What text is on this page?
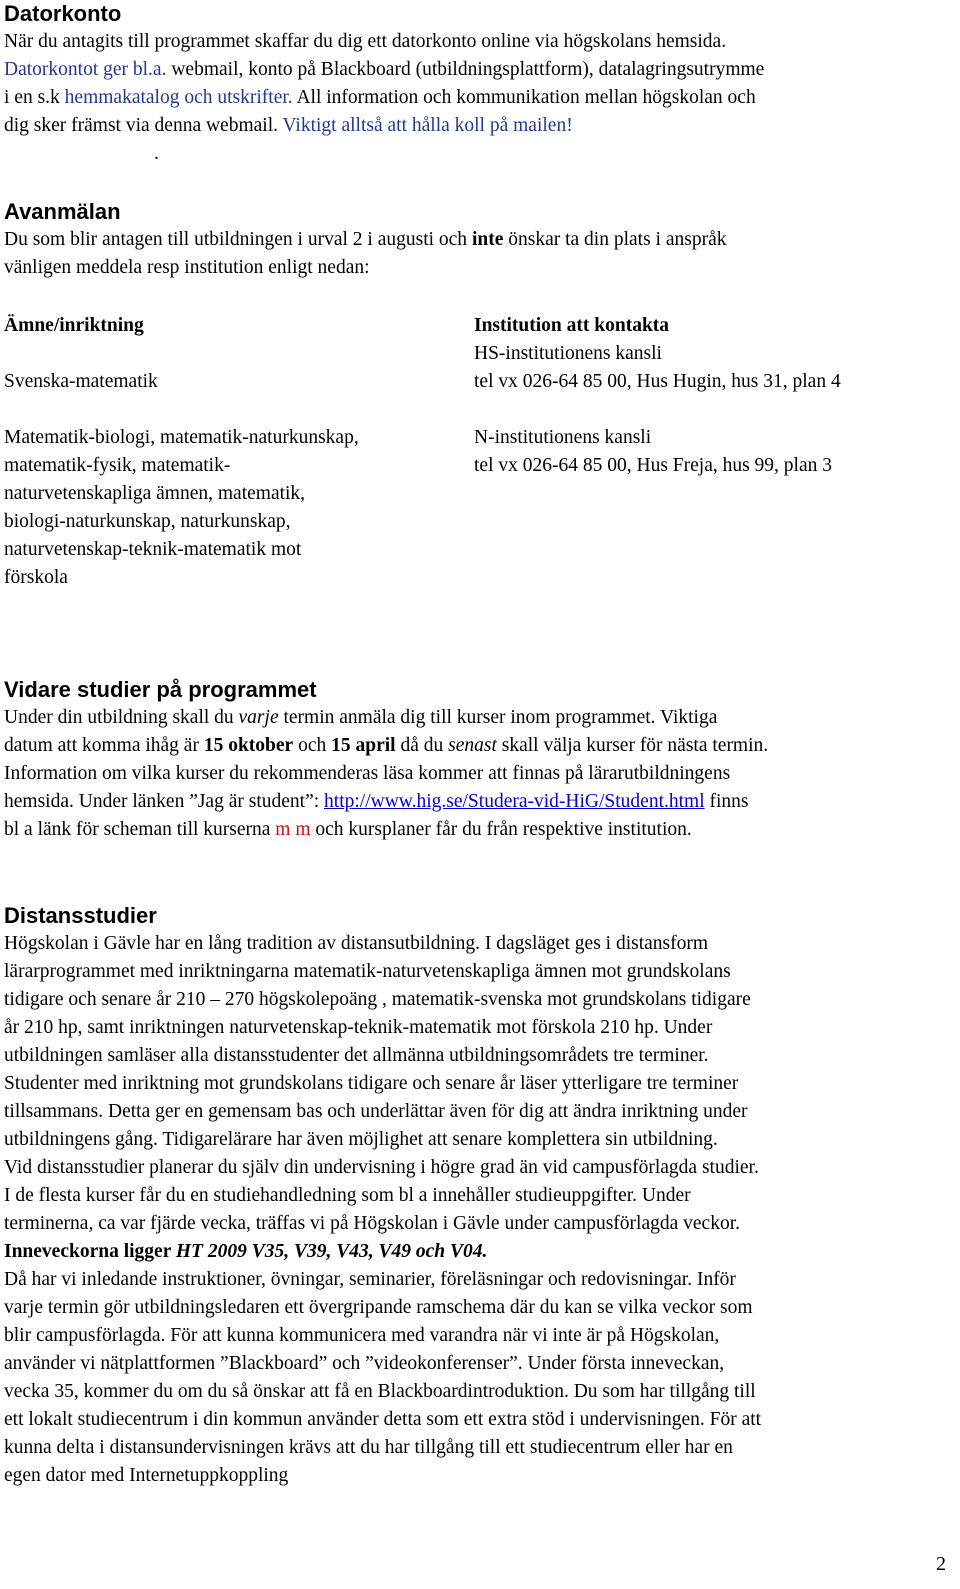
Datorkonto

När du antagits till programmet skaffar du dig ett datorkonto online via högskolans hemsida.

Datorkontot ger bl.a. webmail, konto på Blackboard (utbildningsplattform), datalagringsutrymme

i en s.k hemmakatalog och utskrifter. All information och kommunikation mellan högskolan och

dig sker främst via denna webmail. Viktigt alltså att hålla koll på mailen!

.

Avanmälan

Du som blir antagen till utbildningen i urval 2 i augusti och inte önskar ta din plats i anspråk

vänligen meddela resp institution enligt nedan:

Ämne/inriktning	Institution att kontakta
HS-institutionens kansli
Svenska-matematik	tel vx 026-64 85 00, Hus Hugin, hus 31, plan 4
Matematik-biologi, matematik-naturkunskap,
matematik-fysik, matematik-
naturvetenskapliga ämnen, matematik,
biologi-naturkunskap, naturkunskap,
naturvetenskap-teknik-matematik mot
förskola
N-institutionens kansli
tel vx 026-64 85 00, Hus Freja, hus 99, plan 3
Vidare studier på programmet

Under din utbildning skall du varje termin anmäla dig till kurser inom programmet. Viktiga

datum att komma ihåg är 15 oktober och 15 april då du senast skall välja kurser för nästa termin.

Information om vilka kurser du rekommenderas läsa kommer att finnas på lärarutbildningens

hemsida. Under länken ”Jag är student”: http://www.hig.se/Studera-vid-HiG/Student.html finns

bl a länk för scheman till kurserna m m och kursplaner får du från respektive institution.

Distansstudier

Högskolan i Gävle har en lång tradition av distansutbildning. I dagsläget ges i distansform

lärarprogrammet med inriktningarna matematik-naturvetenskapliga ämnen mot grundskolans

tidigare och senare år 210 – 270 högskolepoäng , matematik-svenska mot grundskolans tidigare

år 210 hp, samt inriktningen naturvetenskap-teknik-matematik mot förskola 210 hp. Under

utbildningen samläser alla distansstudenter det allmänna utbildningsområdets tre terminer.

Studenter med inriktning mot grundskolans tidigare och senare år läser ytterligare tre terminer

tillsammans. Detta ger en gemensam bas och underlättar även för dig att ändra inriktning under

utbildningens gång. Tidigarelärare har även möjlighet att senare komplettera sin utbildning.

Vid distansstudier planerar du själv din undervisning i högre grad än vid campusförlagda studier.

I de flesta kurser får du en studiehandledning som bl a innehåller studieuppgifter. Under

terminerna, ca var fjärde vecka, träffas vi på Högskolan i Gävle under campusförlagda veckor.

Inneveckorna ligger HT 2009 V35, V39, V43, V49 och V04.

Då har vi inledande instruktioner, övningar, seminarier, föreläsningar och redovisningar. Inför

varje termin gör utbildningsledaren ett övergripande ramschema där du kan se vilka veckor som

blir campusförlagda. För att kunna kommunicera med varandra när vi inte är på Högskolan,

använder vi nätplattformen ”Blackboard” och ”videokonferenser”. Under första inneveckan,

vecka 35, kommer du om du så önskar att få en Blackboardintroduktion. Du som har tillgång till

ett lokalt studiecentrum i din kommun använder detta som ett extra stöd i undervisningen. För att

kunna delta i distansundervisningen krävs att du har tillgång till ett studiecentrum eller har en

egen dator med Internetuppkoppling

2
